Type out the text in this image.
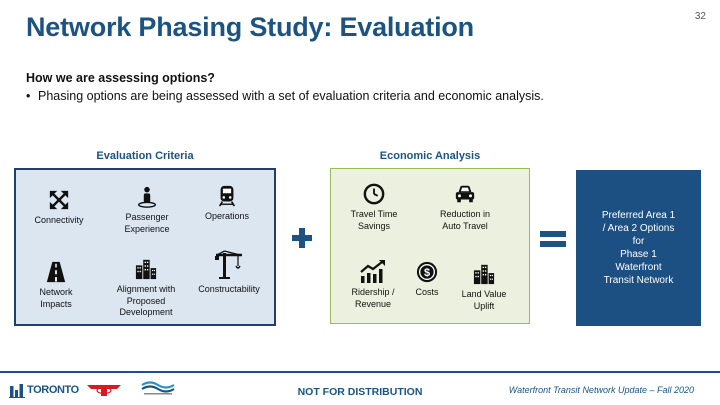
Network Phasing Study: Evaluation	32
How we are assessing options?
• Phasing options are being assessed with a set of evaluation criteria and economic analysis.
Evaluation Criteria
Connectivity	Passenger
Experience
Operations
Network
Impacts
Alignment with
Proposed
Development
Constructability
Economic Analysis
Travel Time
Savings
Reduction in
Auto Travel
Ridership /
Revenue
$
Costs	Land Value
Uplift
Preferred Area 1
/ Area 2 Options
for
Phase 1
Waterfront
Transit Network
TORONTO	NOT FOR DISTRIBUTION	Waterfront Transit Network Update – Fall 2020
